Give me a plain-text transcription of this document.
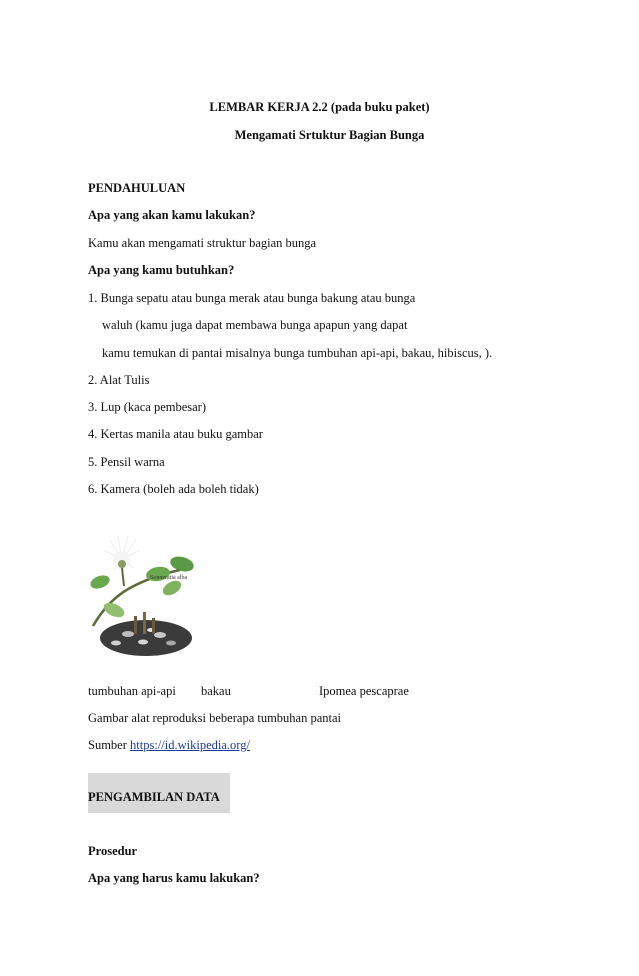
LEMBAR KERJA 2.2 (pada buku paket)
Mengamati Srtuktur Bagian Bunga
PENDAHULUAN
Apa yang akan kamu lakukan?
Kamu akan mengamati struktur bagian bunga
Apa yang kamu butuhkan?
1. Bunga sepatu atau bunga merak atau bunga bakung atau bunga
waluh (kamu juga dapat membawa bunga apapun yang dapat
kamu temukan di pantai misalnya bunga tumbuhan api-api, bakau, hibiscus, ).
2. Alat Tulis
3. Lup (kaca pembesar)
4. Kertas manila atau buku gambar
5. Pensil warna
6. Kamera (boleh ada boleh tidak)
Sonneratia alba
tumbuhan api-api bakau	Ipomea pescaprae
Gambar alat reproduksi beberapa tumbuhan pantai
Sumber https://id.wikipedia.org/
PENGAMBILAN DATA
Prosedur
Apa yang harus kamu lakukan?
